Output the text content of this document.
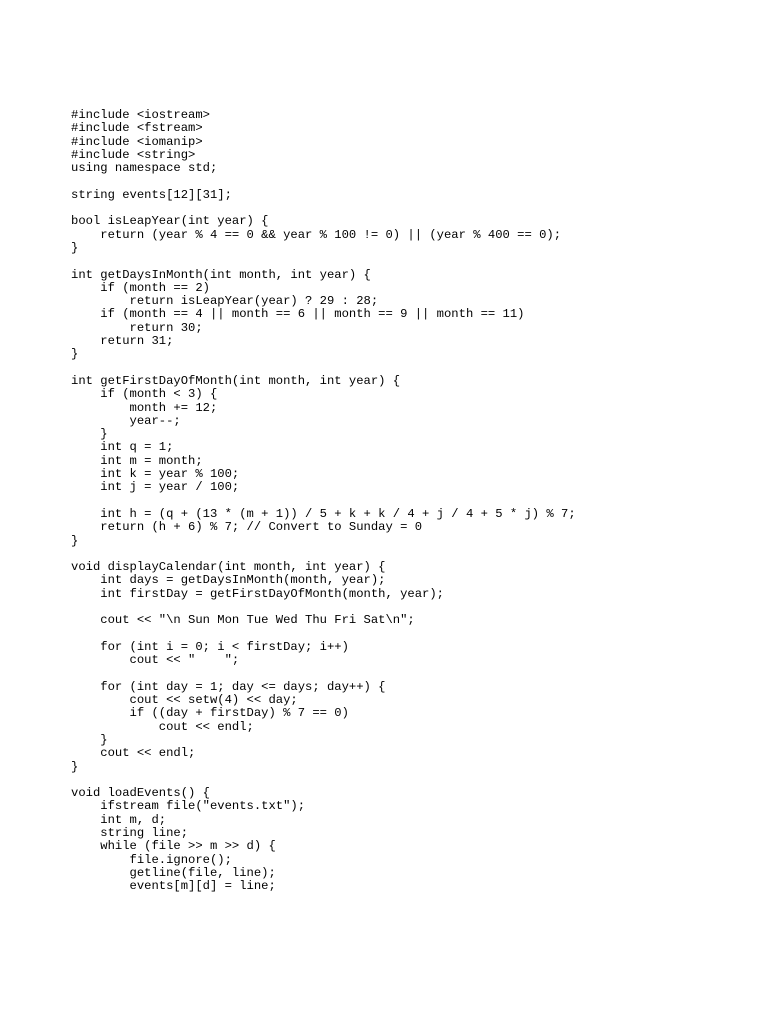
#include <iostream>
#include <fstream>
#include <iomanip>
#include <string>
using namespace std;
string events[12][31];
bool isLeapYear(int year) {
return (year % 4 == 0 && year % 100 != 0) || (year % 400 == 0);
}
int getDaysInMonth(int month, int year) {
if (month == 2)
return isLeapYear(year) ? 29 : 28;
if (month == 4 || month == 6 || month == 9 || month == 11)
return 30;
return 31;
}
int getFirstDayOfMonth(int month, int year) {
if (month < 3) {
month += 12;
year--;
}
int q = 1;
int m = month;
int k = year % 100;
int j = year / 100;
int h = (q + (13 * (m + 1)) / 5 + k + k / 4 + j / 4 + 5 * j) % 7;
return (h + 6) % 7; // Convert to Sunday = 0
}
void displayCalendar(int month, int year) {
int days = getDaysInMonth(month, year);
int firstDay = getFirstDayOfMonth(month, year);
cout << "\n Sun Mon Tue Wed Thu Fri Sat\n";
for (int i = 0; i < firstDay; i++)
cout << "    ";
for (int day = 1; day <= days; day++) {
cout << setw(4) << day;
if ((day + firstDay) % 7 == 0)
cout << endl;
}
cout << endl;
}
void loadEvents() {
ifstream file("events.txt");
int m, d;
string line;
while (file >> m >> d) {
file.ignore();
getline(file, line);
events[m][d] = line;
